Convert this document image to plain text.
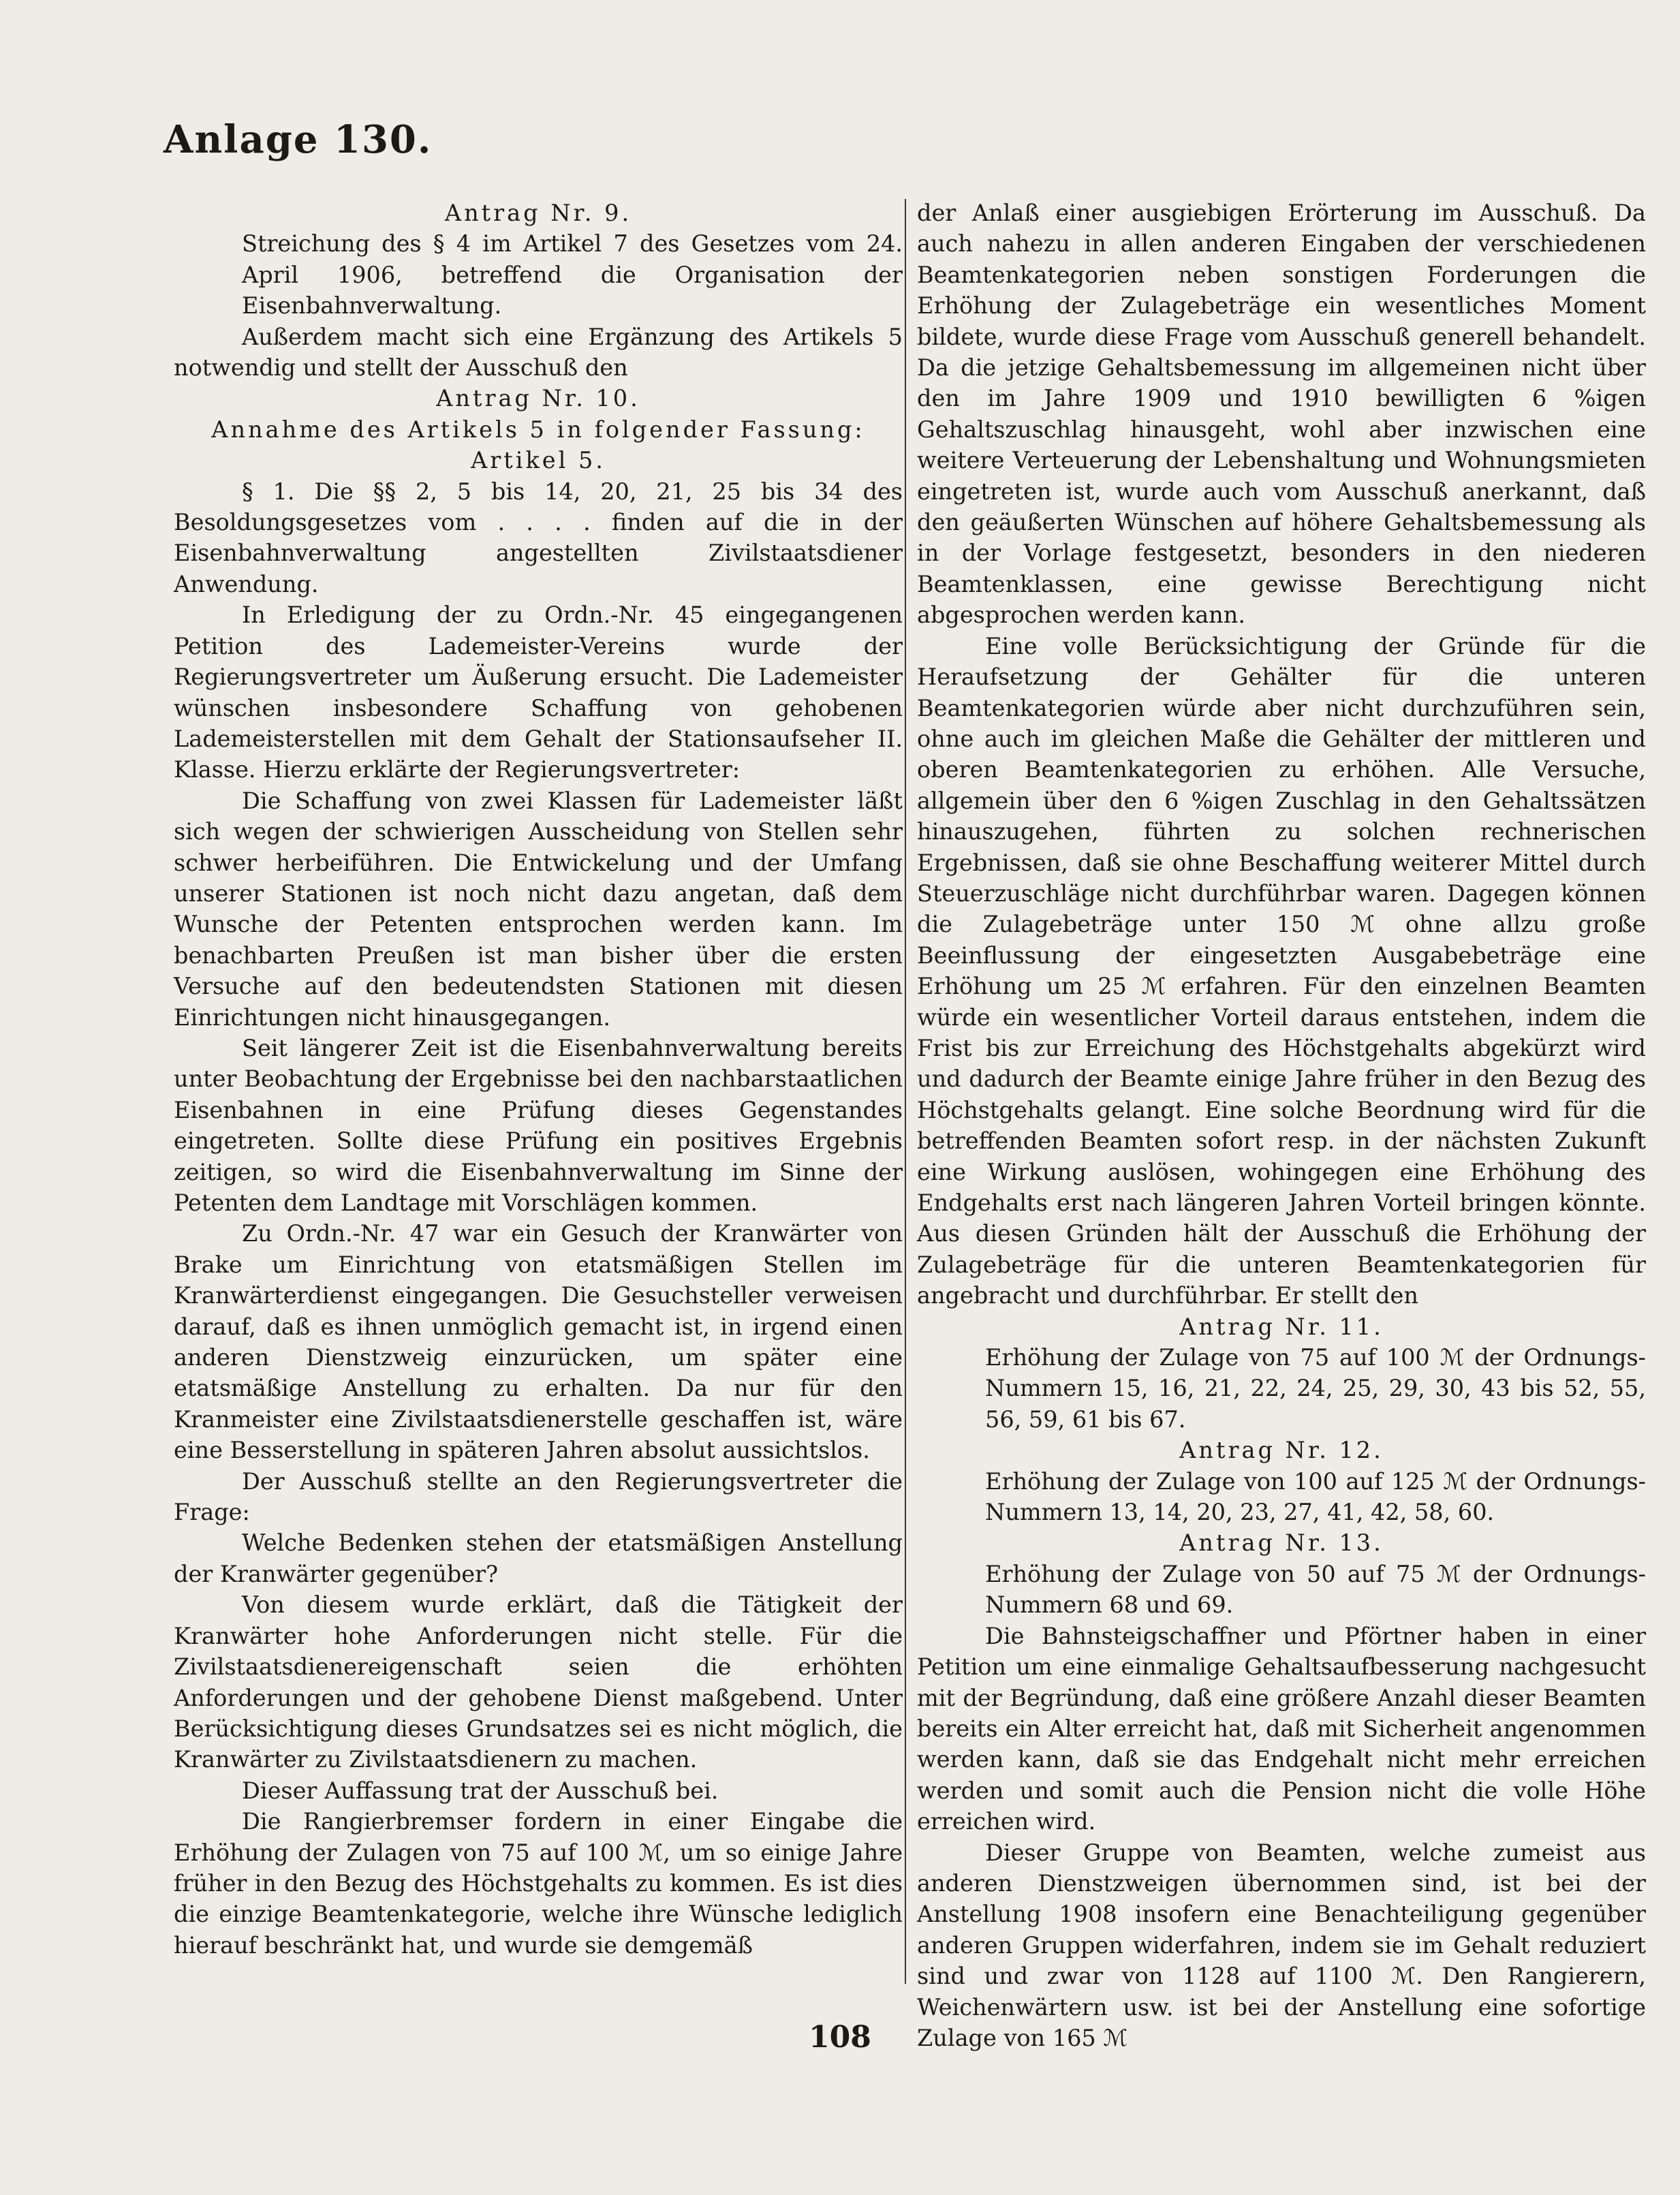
Anlage 130.

Antrag Nr. 9.

Streichung des § 4 im Artikel 7 des Gesetzes vom 24. April 1906, betreffend die Organisation der Eisenbahnverwaltung.

Außerdem macht sich eine Ergänzung des Artikels 5 notwendig und stellt der Ausschuß den

Antrag Nr. 10.

Annahme des Artikels 5 in folgender Fassung:

Artikel 5.

§ 1. Die §§ 2, 5 bis 14, 20, 21, 25 bis 34 des Besoldungsgesetzes vom . . . . finden auf die in der Eisenbahnverwaltung angestellten Zivilstaatsdiener Anwendung.

In Erledigung der zu Ordn.-Nr. 45 eingegangenen Petition des Lademeister-Vereins wurde der Regierungsvertreter um Äußerung ersucht. Die Lademeister wünschen insbesondere Schaffung von gehobenen Lademeisterstellen mit dem Gehalt der Stationsaufseher II. Klasse. Hierzu erklärte der Regierungsvertreter:

Die Schaffung von zwei Klassen für Lademeister läßt sich wegen der schwierigen Ausscheidung von Stellen sehr schwer herbeiführen. Die Entwickelung und der Umfang unserer Stationen ist noch nicht dazu angetan, daß dem Wunsche der Petenten entsprochen werden kann. Im benachbarten Preußen ist man bisher über die ersten Versuche auf den bedeutendsten Stationen mit diesen Einrichtungen nicht hinausgegangen.

Seit längerer Zeit ist die Eisenbahnverwaltung bereits unter Beobachtung der Ergebnisse bei den nachbarstaatlichen Eisenbahnen in eine Prüfung dieses Gegenstandes eingetreten. Sollte diese Prüfung ein positives Ergebnis zeitigen, so wird die Eisenbahnverwaltung im Sinne der Petenten dem Landtage mit Vorschlägen kommen.

Zu Ordn.-Nr. 47 war ein Gesuch der Kranwärter von Brake um Einrichtung von etatsmäßigen Stellen im Kranwärterdienst eingegangen. Die Gesuchsteller verweisen darauf, daß es ihnen unmöglich gemacht ist, in irgend einen anderen Dienstzweig einzurücken, um später eine etatsmäßige Anstellung zu erhalten. Da nur für den Kranmeister eine Zivilstaatsdienerstelle geschaffen ist, wäre eine Besserstellung in späteren Jahren absolut aussichtslos.

Der Ausschuß stellte an den Regierungsvertreter die Frage:

Welche Bedenken stehen der etatsmäßigen Anstellung der Kranwärter gegenüber?

Von diesem wurde erklärt, daß die Tätigkeit der Kranwärter hohe Anforderungen nicht stelle. Für die Zivilstaatsdienereigenschaft seien die erhöhten Anforderungen und der gehobene Dienst maßgebend. Unter Berücksichtigung dieses Grundsatzes sei es nicht möglich, die Kranwärter zu Zivilstaatsdienern zu machen.

Dieser Auffassung trat der Ausschuß bei.

Die Rangierbremser fordern in einer Eingabe die Erhöhung der Zulagen von 75 auf 100 ℳ, um so einige Jahre früher in den Bezug des Höchstgehalts zu kommen. Es ist dies die einzige Beamtenkategorie, welche ihre Wünsche lediglich hierauf beschränkt hat, und wurde sie demgemäß

der Anlaß einer ausgiebigen Erörterung im Ausschuß. Da auch nahezu in allen anderen Eingaben der verschiedenen Beamtenkategorien neben sonstigen Forderungen die Erhöhung der Zulagebeträge ein wesentliches Moment bildete, wurde diese Frage vom Ausschuß generell behandelt. Da die jetzige Gehaltsbemessung im allgemeinen nicht über den im Jahre 1909 und 1910 bewilligten 6 %igen Gehaltszuschlag hinausgeht, wohl aber inzwischen eine weitere Verteuerung der Lebenshaltung und Wohnungsmieten eingetreten ist, wurde auch vom Ausschuß anerkannt, daß den geäußerten Wünschen auf höhere Gehaltsbemessung als in der Vorlage festgesetzt, besonders in den niederen Beamtenklassen, eine gewisse Berechtigung nicht abgesprochen werden kann.

Eine volle Berücksichtigung der Gründe für die Heraufsetzung der Gehälter für die unteren Beamtenkategorien würde aber nicht durchzuführen sein, ohne auch im gleichen Maße die Gehälter der mittleren und oberen Beamtenkategorien zu erhöhen. Alle Versuche, allgemein über den 6 %igen Zuschlag in den Gehaltssätzen hinauszugehen, führten zu solchen rechnerischen Ergebnissen, daß sie ohne Beschaffung weiterer Mittel durch Steuerzuschläge nicht durchführbar waren. Dagegen können die Zulagebeträge unter 150 ℳ ohne allzu große Beeinflussung der eingesetzten Ausgabebeträge eine Erhöhung um 25 ℳ erfahren. Für den einzelnen Beamten würde ein wesentlicher Vorteil daraus entstehen, indem die Frist bis zur Erreichung des Höchstgehalts abgekürzt wird und dadurch der Beamte einige Jahre früher in den Bezug des Höchstgehalts gelangt. Eine solche Beordnung wird für die betreffenden Beamten sofort resp. in der nächsten Zukunft eine Wirkung auslösen, wohingegen eine Erhöhung des Endgehalts erst nach längeren Jahren Vorteil bringen könnte. Aus diesen Gründen hält der Ausschuß die Erhöhung der Zulagebeträge für die unteren Beamtenkategorien für angebracht und durchführbar. Er stellt den

Antrag Nr. 11.

Erhöhung der Zulage von 75 auf 100 ℳ der Ordnungs-Nummern 15, 16, 21, 22, 24, 25, 29, 30, 43 bis 52, 55, 56, 59, 61 bis 67.

Antrag Nr. 12.

Erhöhung der Zulage von 100 auf 125 ℳ der Ordnungs-Nummern 13, 14, 20, 23, 27, 41, 42, 58, 60.

Antrag Nr. 13.

Erhöhung der Zulage von 50 auf 75 ℳ der Ordnungs-Nummern 68 und 69.

Die Bahnsteigschaffner und Pförtner haben in einer Petition um eine einmalige Gehaltsaufbesserung nachgesucht mit der Begründung, daß eine größere Anzahl dieser Beamten bereits ein Alter erreicht hat, daß mit Sicherheit angenommen werden kann, daß sie das Endgehalt nicht mehr erreichen werden und somit auch die Pension nicht die volle Höhe erreichen wird.

Dieser Gruppe von Beamten, welche zumeist aus anderen Dienstzweigen übernommen sind, ist bei der Anstellung 1908 insofern eine Benachteiligung gegenüber anderen Gruppen widerfahren, indem sie im Gehalt reduziert sind und zwar von 1128 auf 1100 ℳ. Den Rangierern, Weichenwärtern usw. ist bei der Anstellung eine sofortige Zulage von 165 ℳ

108
